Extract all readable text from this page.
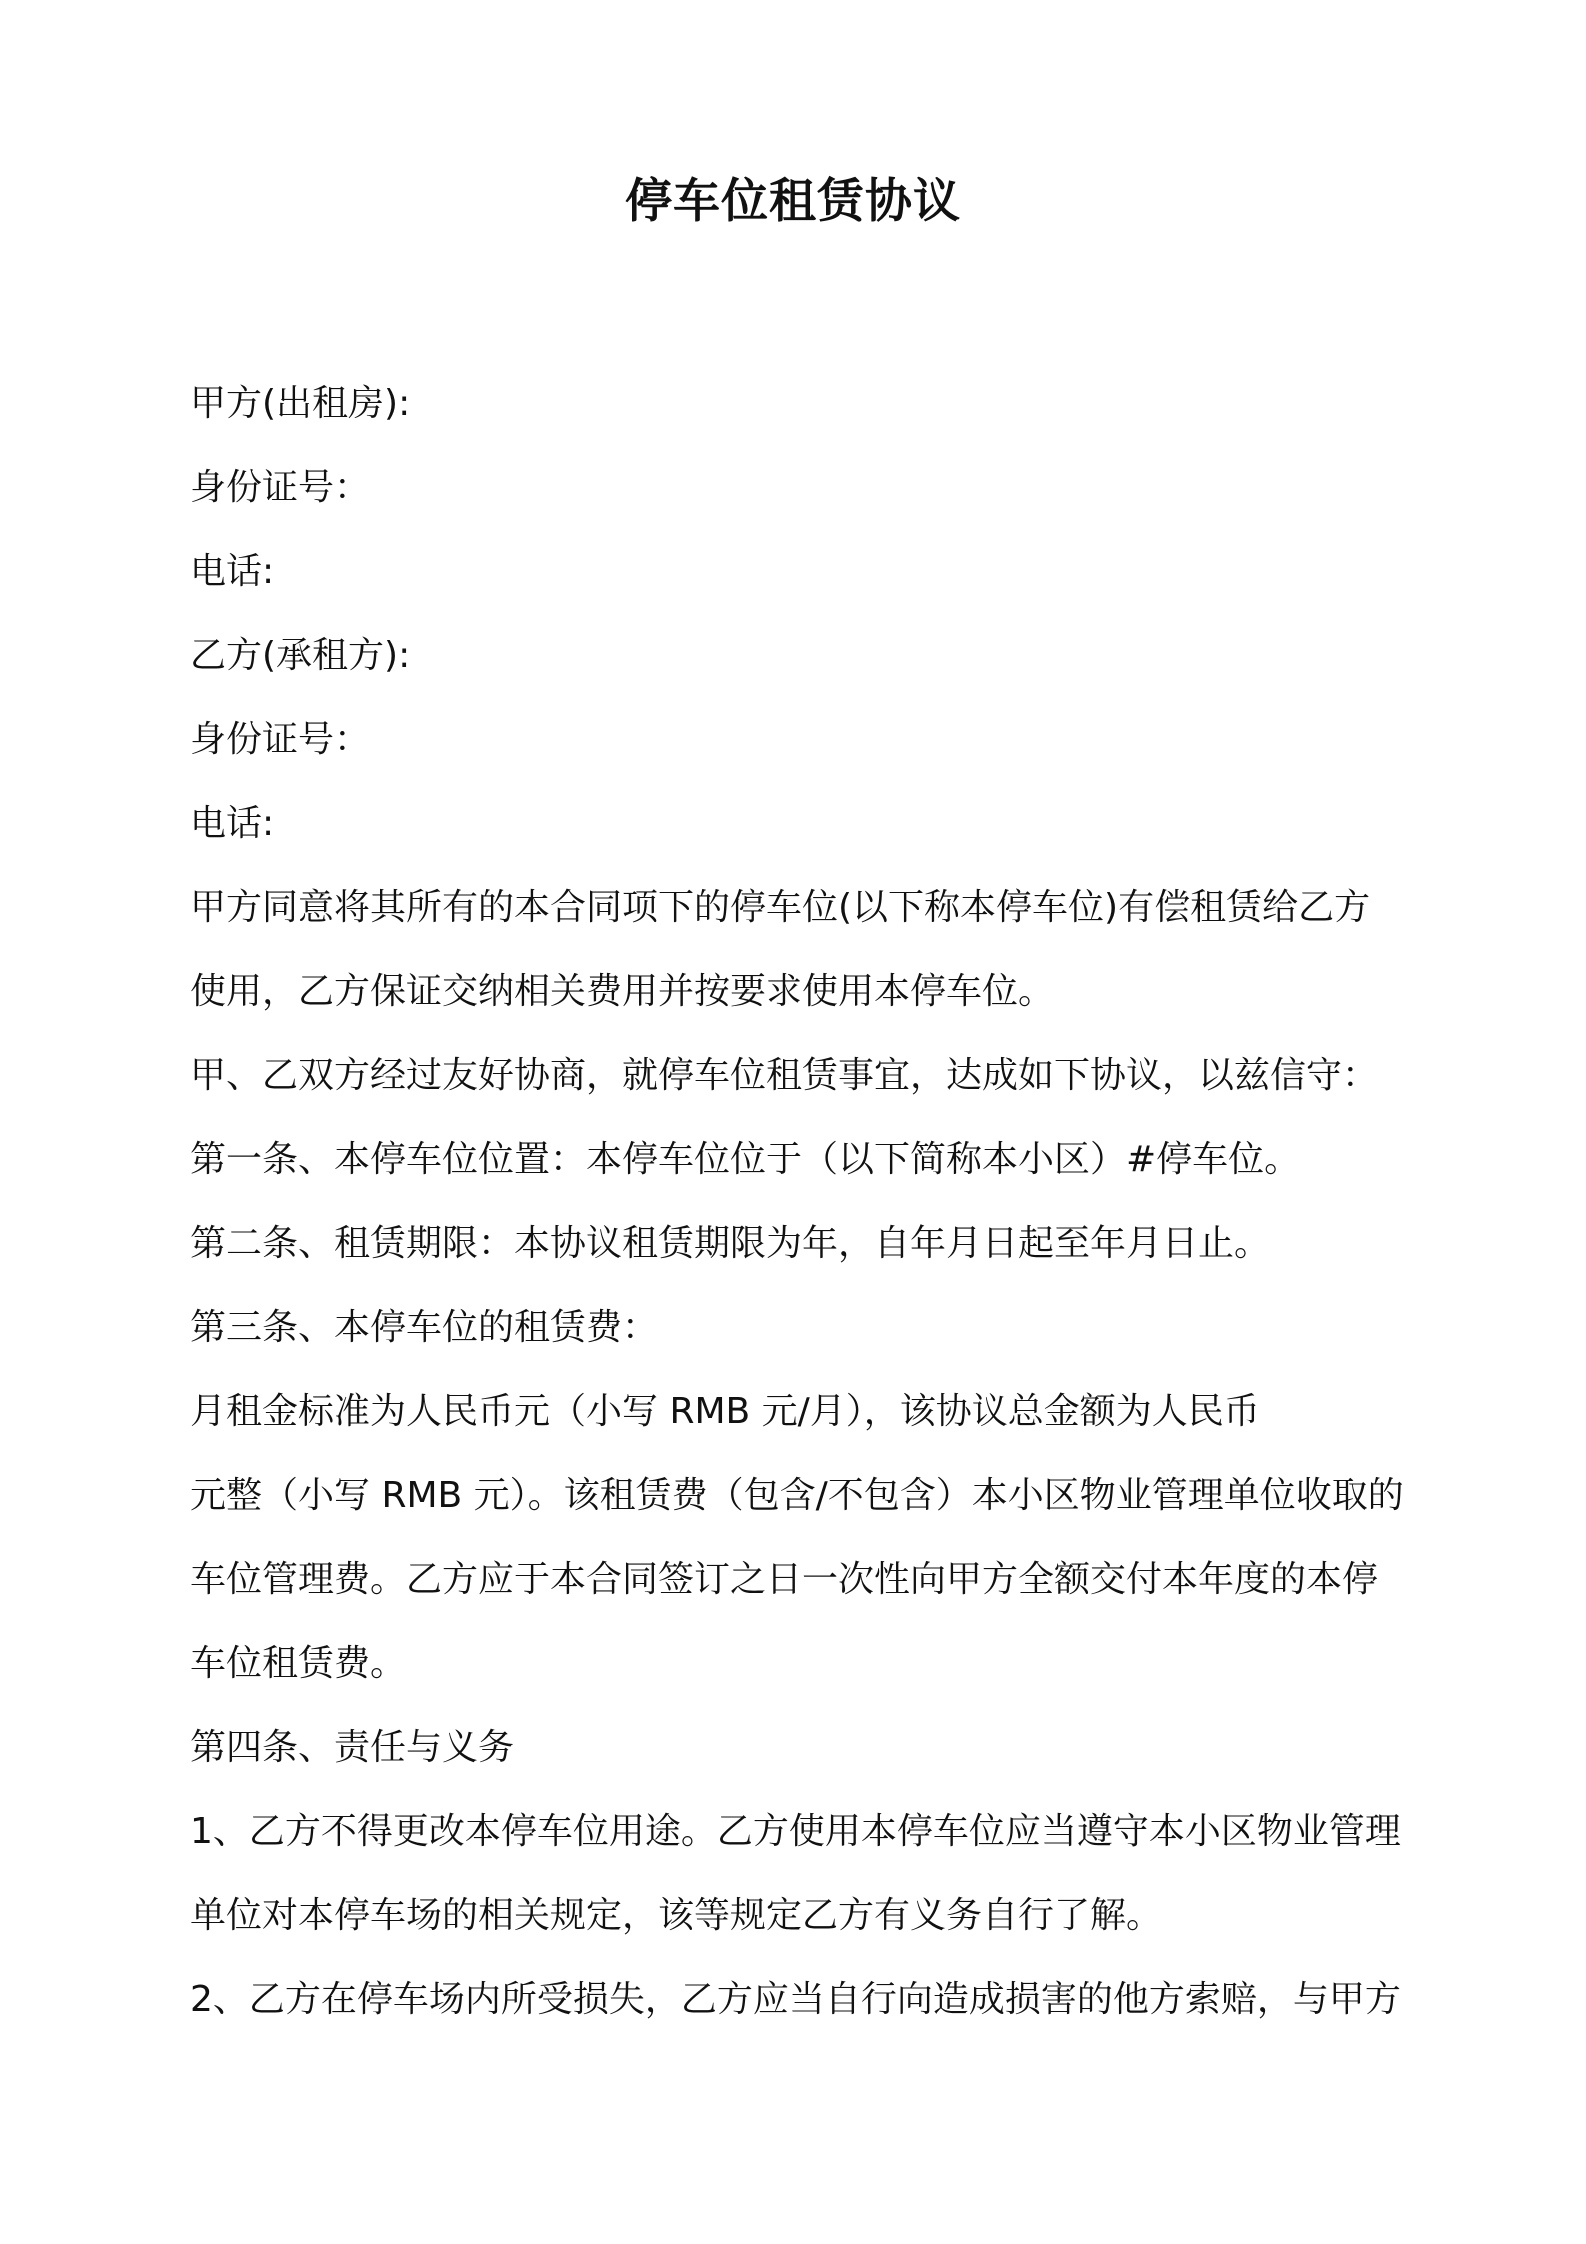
停车位租赁协议
甲方(出租房):
身份证号：
电话:
乙方(承租方):
身份证号：
电话:
甲方同意将其所有的本合同项下的停车位(以下称本停车位)有偿租赁给乙方
使用，乙方保证交纳相关费用并按要求使用本停车位。
甲、乙双方经过友好协商，就停车位租赁事宜，达成如下协议，以兹信守：
第一条、本停车位位置：本停车位位于（以下简称本小区）#停车位。
第二条、租赁期限：本协议租赁期限为年，自年月日起至年月日止。
第三条、本停车位的租赁费：
月租金标准为人民币元（小写 RMB 元/月），该协议总金额为人民币
元整（小写 RMB 元）。该租赁费（包含/不包含）本小区物业管理单位收取的
车位管理费。乙方应于本合同签订之日一次性向甲方全额交付本年度的本停
车位租赁费。
第四条、责任与义务
1、乙方不得更改本停车位用途。乙方使用本停车位应当遵守本小区物业管理
单位对本停车场的相关规定，该等规定乙方有义务自行了解。
2、乙方在停车场内所受损失，乙方应当自行向造成损害的他方索赔，与甲方
